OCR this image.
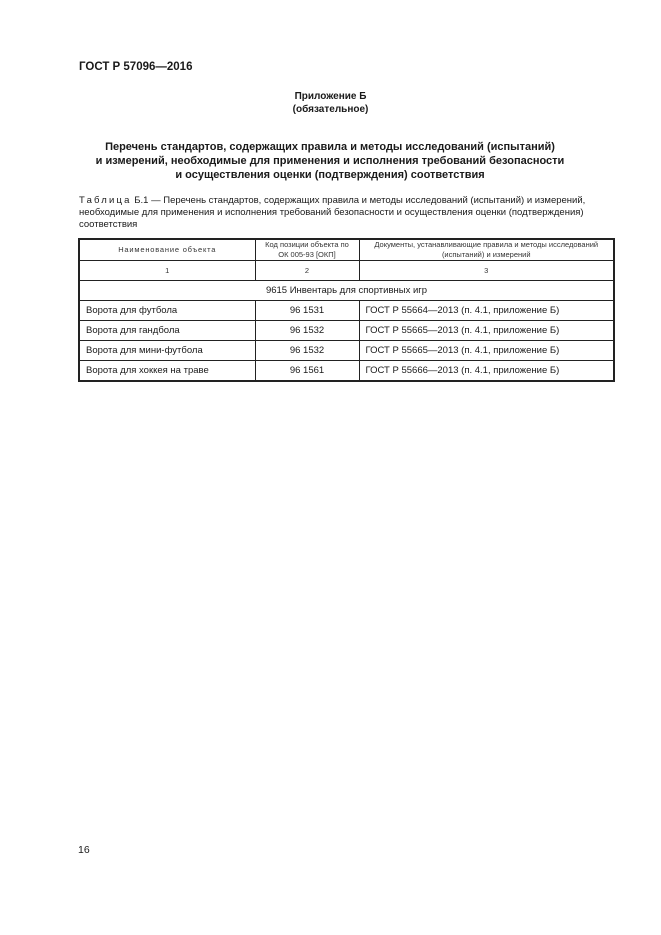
ГОСТ Р 57096—2016
Приложение Б
(обязательное)
Перечень стандартов, содержащих правила и методы исследований (испытаний)
и измерений, необходимые для применения и исполнения требований безопасности
и осуществления оценки (подтверждения) соответствия
Таблица Б.1 — Перечень стандартов, содержащих правила и методы исследований (испытаний) и измерений, необходимые для применения и исполнения требований безопасности и осуществления оценки (подтверждения) соответствия
Наименование объекта	Код позиции объекта по ОК 005-93 [ОКП]	Документы, устанавливающие правила и методы исследований (испытаний) и измерений
1	2	3
9615 Инвентарь для спортивных игр		
Ворота для футбола	96 1531	ГОСТ Р 55664—2013 (п. 4.1, приложение Б)
Ворота для гандбола	96 1532	ГОСТ Р 55665—2013 (п. 4.1, приложение Б)
Ворота для мини-футбола	96 1532	ГОСТ Р 55665—2013 (п. 4.1, приложение Б)
Ворота для хоккея на траве	96 1561	ГОСТ Р 55666—2013 (п. 4.1, приложение Б)
16
